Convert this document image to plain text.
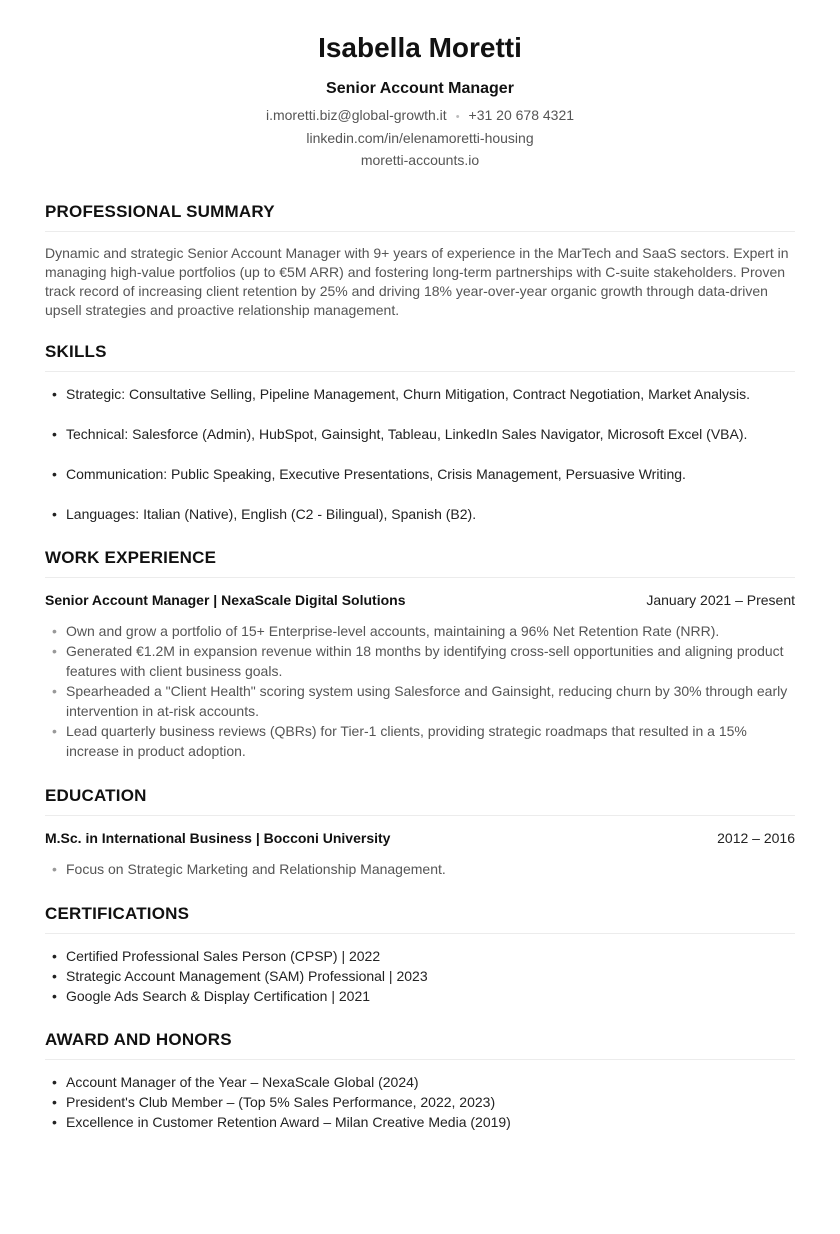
Isabella Moretti
Senior Account Manager
i.moretti.biz@global-growth.it • +31 20 678 4321
linkedin.com/in/elenamoretti-housing
moretti-accounts.io
PROFESSIONAL SUMMARY
Dynamic and strategic Senior Account Manager with 9+ years of experience in the MarTech and SaaS sectors. Expert in managing high-value portfolios (up to €5M ARR) and fostering long-term partnerships with C-suite stakeholders. Proven track record of increasing client retention by 25% and driving 18% year-over-year organic growth through data-driven upsell strategies and proactive relationship management.
SKILLS
• Strategic: Consultative Selling, Pipeline Management, Churn Mitigation, Contract Negotiation, Market Analysis.
• Technical: Salesforce (Admin), HubSpot, Gainsight, Tableau, LinkedIn Sales Navigator, Microsoft Excel (VBA).
• Communication: Public Speaking, Executive Presentations, Crisis Management, Persuasive Writing.
• Languages: Italian (Native), English (C2 - Bilingual), Spanish (B2).
WORK EXPERIENCE
Senior Account Manager | NexaScale Digital Solutions	January 2021 – Present
• Own and grow a portfolio of 15+ Enterprise-level accounts, maintaining a 96% Net Retention Rate (NRR).
• Generated €1.2M in expansion revenue within 18 months by identifying cross-sell opportunities and aligning product features with client business goals.
• Spearheaded a "Client Health" scoring system using Salesforce and Gainsight, reducing churn by 30% through early intervention in at-risk accounts.
• Lead quarterly business reviews (QBRs) for Tier-1 clients, providing strategic roadmaps that resulted in a 15% increase in product adoption.
EDUCATION
M.Sc. in International Business | Bocconi University	2012 – 2016
• Focus on Strategic Marketing and Relationship Management.
CERTIFICATIONS
• Certified Professional Sales Person (CPSP) | 2022
• Strategic Account Management (SAM) Professional | 2023
• Google Ads Search & Display Certification | 2021
AWARD AND HONORS
• Account Manager of the Year – NexaScale Global (2024)
• President's Club Member – (Top 5% Sales Performance, 2022, 2023)
• Excellence in Customer Retention Award – Milan Creative Media (2019)
